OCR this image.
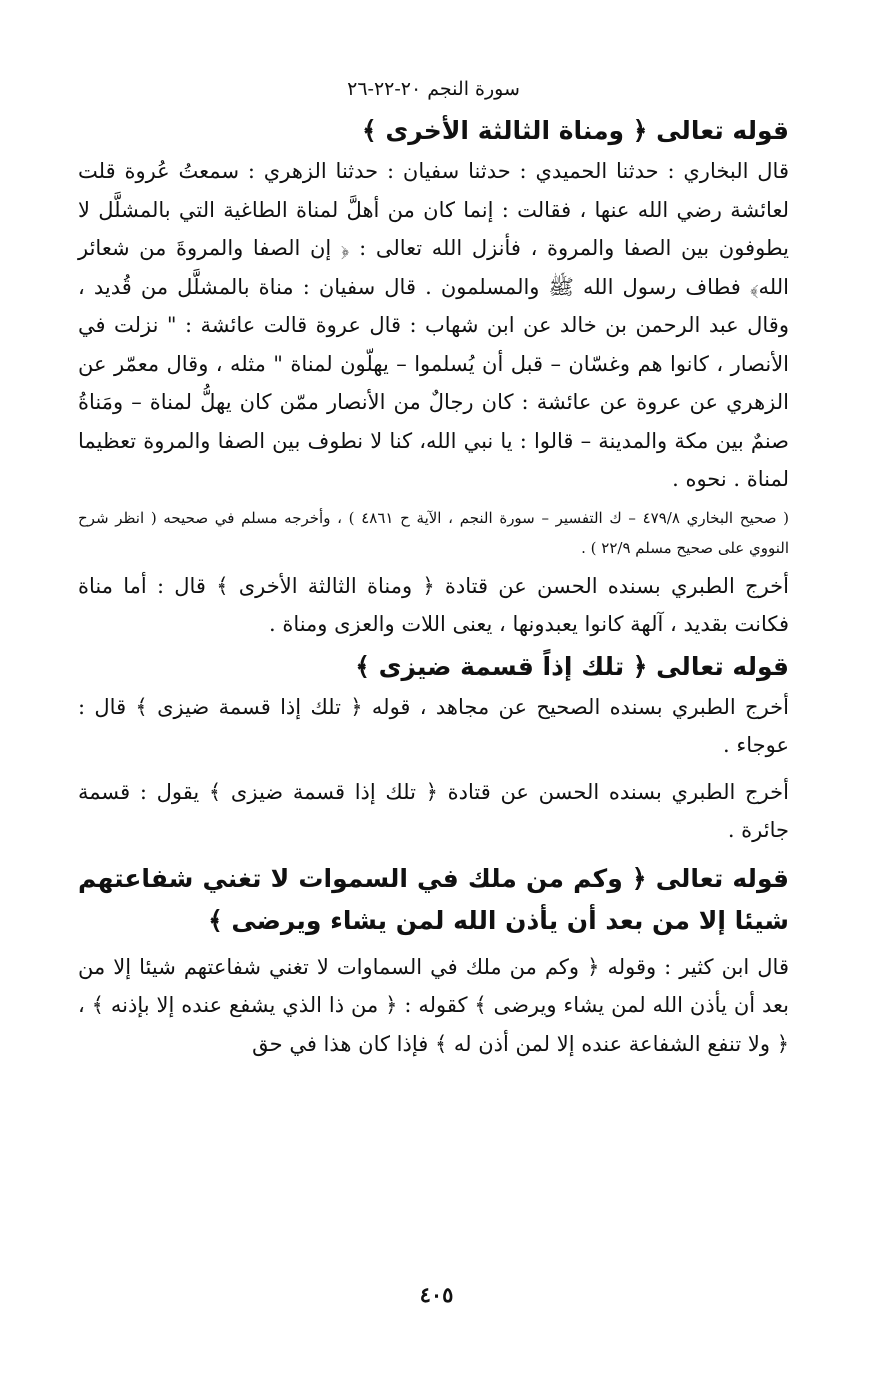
سورة النجم ٢٠-٢٢-٢٦
قوله تعالى ﴿ ومناة الثالثة الأخرى ﴾

قال البخاري : حدثنا الحميدي : حدثنا سفيان : حدثنا الزهري : سمعتُ عُروة قلت لعائشة رضي الله عنها ، فقالت : إنما كان من أهلَّ لمناة الطاغية التي بالمشلَّل لا يطوفون بين الصفا والمروة ، فأنزل الله تعالى : ﴿ إن الصفا والمروةَ من شعائر الله﴾ فطاف رسول الله ﷺ والمسلمون . قال سفيان : مناة بالمشلَّل من قُديد ، وقال عبد الرحمن بن خالد عن ابن شهاب : قال عروة قالت عائشة : " نزلت في الأنصار ، كانوا هم وغسّان – قبل أن يُسلموا – يهلّون لمناة " مثله ، وقال معمّر عن الزهري عن عروة عن عائشة : كان رجالٌ من الأنصار ممّن كان يهلُّ لمناة – ومَناةُ صنمٌ بين مكة والمدينة – قالوا : يا نبي الله، كنا لا نطوف بين الصفا والمروة تعظيما لمناة . نحوه .

( صحيح البخاري ٤٧٩/٨ – ك التفسير – سورة النجم ، الآية ح ٤٨٦١ ) ، وأخرجه مسلم في صحيحه ( انظر شرح النووي على صحيح مسلم ٢٢/٩ ) .

أخرج الطبري بسنده الحسن عن قتادة ﴿ ومناة الثالثة الأخرى ﴾ قال : أما مناة فكانت بقديد ، آلهة كانوا يعبدونها ، يعنى اللات والعزى ومناة .

قوله تعالى ﴿ تلك إذاً قسمة ضيزى ﴾

أخرج الطبري بسنده الصحيح عن مجاهد ، قوله ﴿ تلك إذا قسمة ضيزى ﴾ قال : عوجاء .

أخرج الطبري بسنده الحسن عن قتادة ﴿ تلك إذا قسمة ضيزى ﴾ يقول : قسمة جائرة .

قوله تعالى ﴿ وكم من ملك في السموات لا تغني شفاعتهم شيئا إلا من بعد أن يأذن الله لمن يشاء ويرضى ﴾

قال ابن كثير : وقوله ﴿ وكم من ملك في السماوات لا تغني شفاعتهم شيئا إلا من بعد أن يأذن الله لمن يشاء ويرضى ﴾ كقوله : ﴿ من ذا الذي يشفع عنده إلا بإذنه ﴾ ، ﴿ ولا تنفع الشفاعة عنده إلا لمن أذن له ﴾ فإذا كان هذا في حق

٤٠٥
